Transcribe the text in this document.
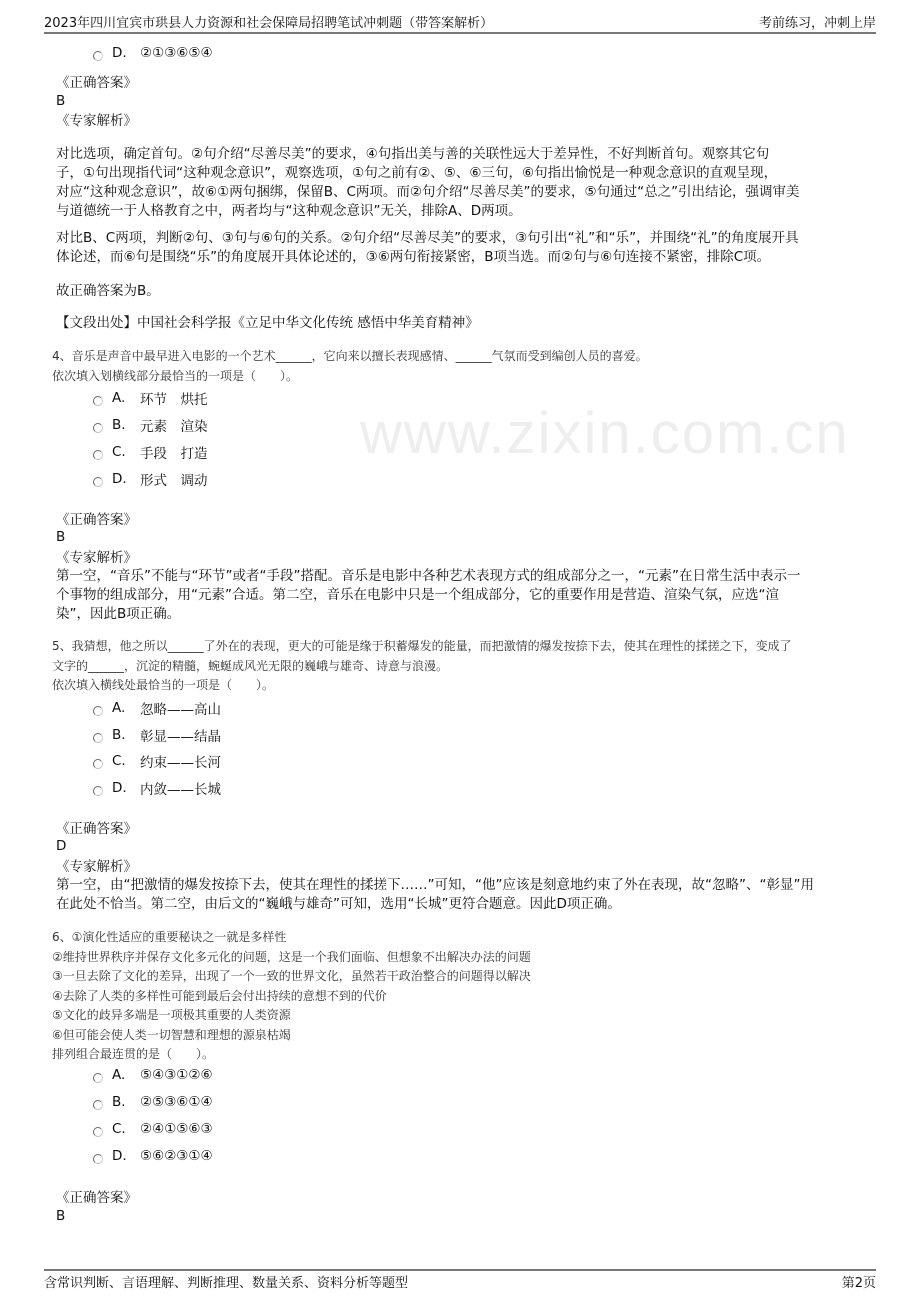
www.zixin.com.cn
2023年四川宜宾市珙县人力资源和社会保障局招聘笔试冲刺题（带答案解析）	考前练习，冲刺上岸
D. ②①③⑥⑤④
《正确答案》
B
《专家解析》
对比选项，确定首句。②句介绍“尽善尽美”的要求，④句指出美与善的关联性远大于差异性，不好判断首句。观察其它句
子，①句出现指代词“这种观念意识”，观察选项，①句之前有②、⑤、⑥三句，⑥句指出愉悦是一种观念意识的直观呈现，
对应“这种观念意识”，故⑥①两句捆绑，保留B、C两项。而②句介绍“尽善尽美”的要求，⑤句通过“总之”引出结论，强调审美
与道德统一于人格教育之中，两者均与“这种观念意识”无关，排除A、D两项。
对比B、C两项，判断②句、③句与⑥句的关系。②句介绍“尽善尽美”的要求，③句引出“礼”和“乐”，并围绕“礼”的角度展开具
体论述，而⑥句是围绕“乐”的角度展开具体论述的，③⑥两句衔接紧密，B项当选。而②句与⑥句连接不紧密，排除C项。
故正确答案为B。
【文段出处】中国社会科学报《立足中华文化传统 感悟中华美育精神》
4、音乐是声音中最早进入电影的一个艺术______，它向来以擅长表现感情、______气氛而受到编创人员的喜爱。
依次填入划横线部分最恰当的一项是（　　）。
A.	环节　烘托
B.	元素　渲染
C.	手段　打造
D. 形式　调动
《正确答案》
B
《专家解析》
第一空，“音乐”不能与“环节”或者“手段”搭配。音乐是电影中各种艺术表现方式的组成部分之一，“元素”在日常生活中表示一
个事物的组成部分，用“元素”合适。第二空，音乐在电影中只是一个组成部分，它的重要作用是营造、渲染气氛，应选“渲
染”，因此B项正确。
5、我猜想，他之所以______了外在的表现，更大的可能是缘于积蓄爆发的能量，而把激情的爆发按捺下去，使其在理性的揉搓之下，变成了
文字的______，沉淀的精髓，蜿蜒成风光无限的巍峨与雄奇、诗意与浪漫。
依次填入横线处最恰当的一项是（　　）。
A.	忽略——高山
B.	彰显——结晶
C.	约束——长河
D. 内敛——长城
《正确答案》
D
《专家解析》
第一空，由“把激情的爆发按捺下去，使其在理性的揉搓下……”可知，“他”应该是刻意地约束了外在表现，故“忽略”、“彰显”用
在此处不恰当。第二空，由后文的“巍峨与雄奇”可知，选用“长城”更符合题意。因此D项正确。
6、①演化性适应的重要秘诀之一就是多样性
②维持世界秩序并保存文化多元化的问题，这是一个我们面临、但想象不出解决办法的问题
③一旦去除了文化的差异，出现了一个一致的世界文化，虽然若干政治整合的问题得以解决
④去除了人类的多样性可能到最后会付出持续的意想不到的代价
⑤文化的歧异多端是一项极其重要的人类资源
⑥但可能会使人类一切智慧和理想的源泉枯竭
排列组合最连贯的是（　　）。
A.	⑤④③①②⑥
B.	②⑤③⑥①④
C.	②④①⑤⑥③
D. ⑤⑥②③①④
《正确答案》
B
含常识判断、言语理解、判断推理、数量关系、资料分析等题型	第2页
